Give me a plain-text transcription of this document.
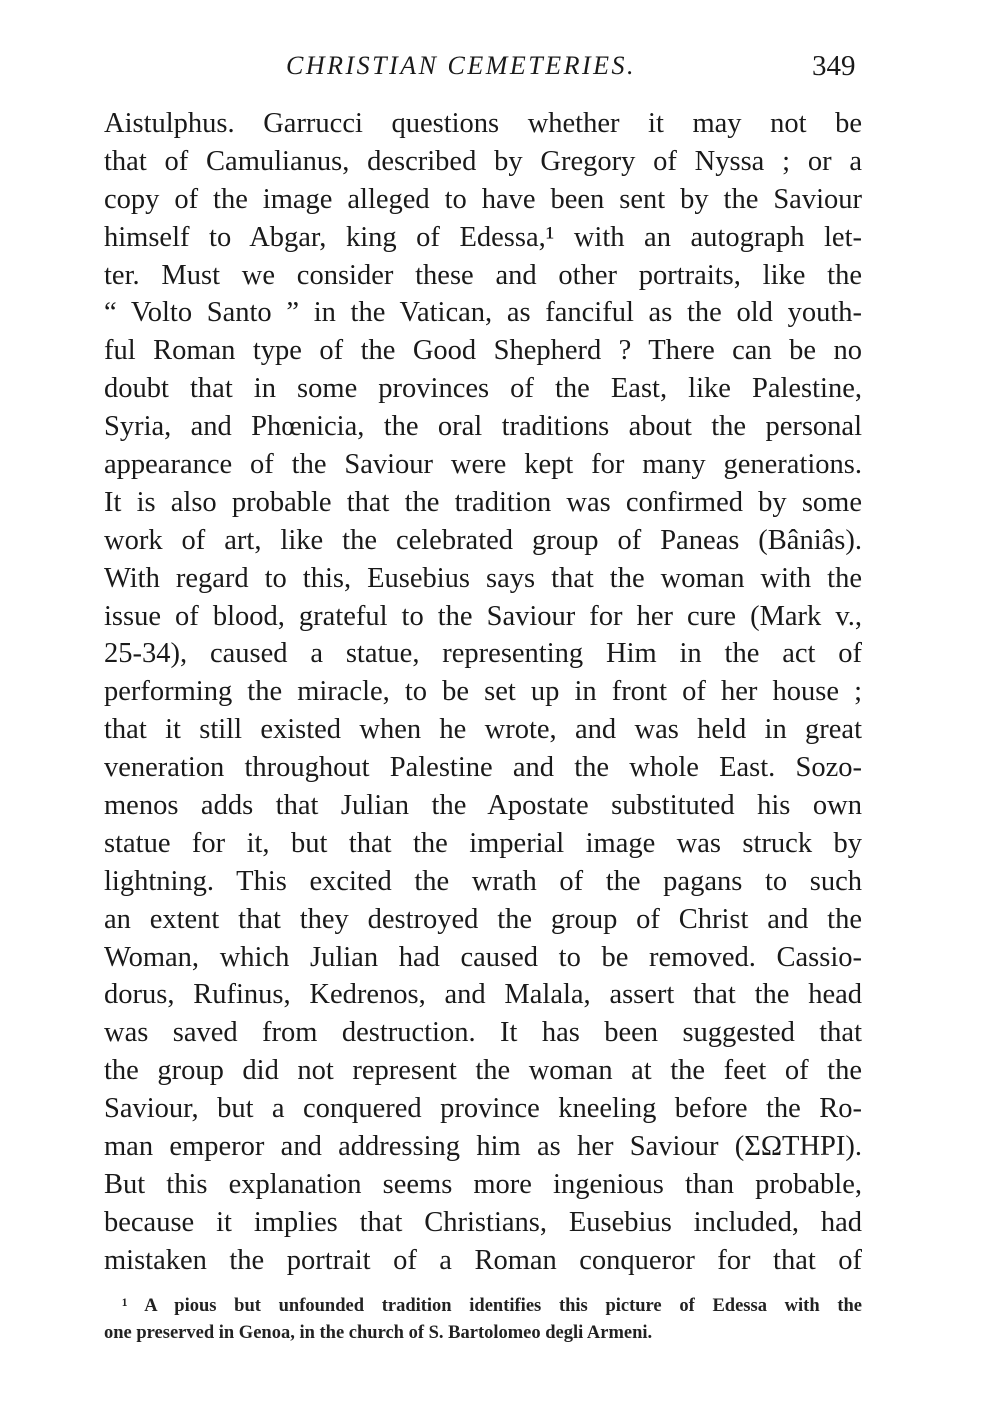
CHRISTIAN CEMETERIES.	349
Aistulphus. Garrucci questions whether it may not be
that of Camulianus, described by Gregory of Nyssa ; or a
copy of the image alleged to have been sent by the Saviour
himself to Abgar, king of Edessa,¹ with an autograph let-
ter. Must we consider these and other portraits, like the
“ Volto Santo ” in the Vatican, as fanciful as the old youth-
ful Roman type of the Good Shepherd ? There can be no
doubt that in some provinces of the East, like Palestine,
Syria, and Phœnicia, the oral traditions about the personal
appearance of the Saviour were kept for many generations.
It is also probable that the tradition was confirmed by some
work of art, like the celebrated group of Paneas (Bâniâs).
With regard to this, Eusebius says that the woman with the
issue of blood, grateful to the Saviour for her cure (Mark v.,
25-34), caused a statue, representing Him in the act of
performing the miracle, to be set up in front of her house ;
that it still existed when he wrote, and was held in great
veneration throughout Palestine and the whole East. Sozo-
menos adds that Julian the Apostate substituted his own
statue for it, but that the imperial image was struck by
lightning. This excited the wrath of the pagans to such
an extent that they destroyed the group of Christ and the
Woman, which Julian had caused to be removed. Cassio-
dorus, Rufinus, Kedrenos, and Malala, assert that the head
was saved from destruction. It has been suggested that
the group did not represent the woman at the feet of the
Saviour, but a conquered province kneeling before the Ro-
man emperor and addressing him as her Saviour (ΣΩΤΗΡΙ).
But this explanation seems more ingenious than probable,
because it implies that Christians, Eusebius included, had
mistaken the portrait of a Roman conqueror for that of
¹ A pious but unfounded tradition identifies this picture of Edessa with the
one preserved in Genoa, in the church of S. Bartolomeo degli Armeni.
